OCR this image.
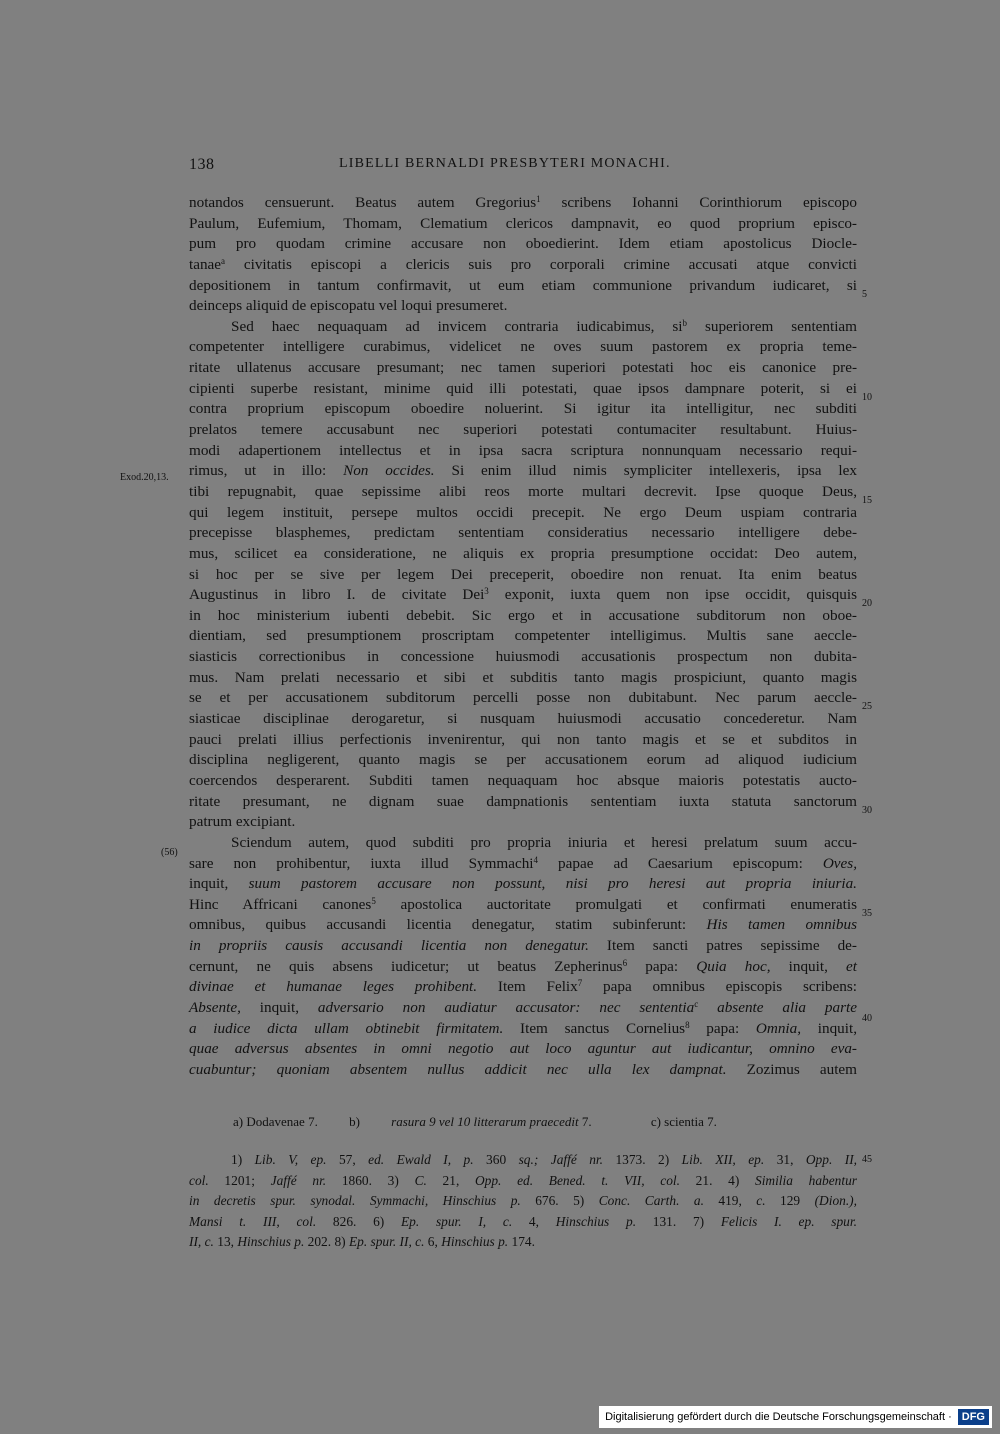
138	LIBELLI BERNALDI PRESBYTERI MONACHI.
notandos censuerunt. Beatus autem Gregorius$^1$ scribens Iohanni Corinthiorum episcopo
Paulum, Eufemium, Thomam, Clematium clericos dampnavit, eo quod proprium episco-
pum pro quodam crimine accusare non oboedierint. Idem etiam apostolicus Diocle-
tanae$^a$ civitatis episcopi a clericis suis pro corporali crimine accusati atque convicti
depositionem in tantum confirmavit, ut eum etiam communione privandum iudicaret, si
deinceps aliquid de episcopatu vel loqui presumeret.
Sed haec nequaquam ad invicem contraria iudicabimus, $si^b$ superiorem sententiam
competenter intelligere curabimus, videlicet ne oves suum pastorem ex propria teme-
ritate ullatenus accusare presumant; nec tamen superiori potestati hoc eis canonice pre-
cipienti superbe resistant, minime quid illi potestati, quae ipsos dampnare poterit, si ei
contra proprium episcopum oboedire noluerint. Si igitur ita intelligitur, nec subditi
prelatos temere accusabunt nec superiori potestati contumaciter resultabunt. Huius-
modi adapertionem intellectus et in ipsa sacra scriptura nonnunquam necessario requi-
rimus, ut in illo: Non occides. Si enim illud nimis sympliciter intellexeris, ipsa lex
tibi repugnabit, quae sepissime alibi reos morte multari decrevit. Ipse quoque Deus,
qui legem instituit, persepe multos occidi precepit. Ne ergo Deum uspiam contraria
precepisse blasphemes, predictam sententiam consideratius necessario intelligere debe-
mus, scilicet ea consideratione, ne aliquis ex propria presumptione occidat: Deo autem,
si hoc per se sive per legem Dei preceperit, oboedire non renuat. Ita enim beatus
Augustinus in libro I. de civitate Dei$^3$ exponit, iuxta quem non ipse occidit, quisquis
in hoc ministerium iubenti debebit. Sic ergo et in accusatione subditorum non oboe-
dientiam, sed presumptionem proscriptam competenter intelligimus. Multis sane aeccle-
siasticis correctionibus in concessione huiusmodi accusationis prospectum non dubita-
mus. Nam prelati necessario et sibi et subditis tanto magis prospiciunt, quanto magis
se et per accusationem subditorum percelli posse non dubitabunt. Nec parum aeccle-
siasticae disciplinae derogaretur, si nusquam huiusmodi accusatio concederetur. Nam
pauci prelati illius perfectionis invenirentur, qui non tanto magis et se et subditos in
disciplina negligerent, quanto magis se per accusationem eorum ad aliquod iudicium
coercendos desperarent. Subditi tamen nequaquam hoc absque maioris potestatis aucto-
ritate presumant, ne dignam suae dampnationis sententiam iuxta statuta sanctorum
patrum excipiant.
Sciendum autem, quod subditi pro propria iniuria et heresi prelatum suum accu-
sare non prohibentur, iuxta illud Symmachi$^4$ papae ad Caesarium episcopum: Oves,
inquit, suum pastorem accusare non possunt, nisi pro heresi aut propria iniuria.
Hinc Affricani canones$^5$ apostolica auctoritate promulgati et confirmati enumeratis
omnibus, quibus accusandi licentia denegatur, statim subinferunt: His tamen omnibus
in propriis causis accusandi licentia non denegatur. Item sancti patres sepissime de-
cernunt, ne quis absens iudicetur; ut beatus Zepherinus$^6$ papa: Quia hoc, inquit, et
divinae et humanae leges prohibent. Item Felix$^7$ papa omnibus episcopis scribens:
Absente, inquit, adversario non audiatur accusator: nec sententia$^c$ absente alia parte
a iudice dicta ullam obtinebit firmitatem. Item sanctus Cornelius$^8$ papa: Omnia, inquit,
quae adversus absentes in omni negotio aut loco aguntur aut iudicantur, omnino eva-
cuabuntur; quoniam absentem nullus addicit nec ulla lex dampnat. Zozimus autem
5
10
15
20
25
30
35
40
45
Exod.20,13.
(56)
a) Dodavenae 7. b) rasura 9 vel 10 litterarum praecedit 7.	c) scientia 7.
1) Lib. V, ep. 57, ed. Ewald I, p. 360 sq.; Jaffé nr. 1373. 2) Lib. XII, ep. 31, Opp. II,
col. 1201; Jaffé nr. 1860. 3) C. 21, Opp. ed. Bened. t. VII, col. 21. 4) Similia habentur
in decretis spur. synodal. Symmachi, Hinschius p. 676. 5) Conc. Carth. a. 419, c. 129 (Dion.),
Mansi t. III, col. 826. 6) Ep. spur. I, c. 4, Hinschius p. 131. 7) Felicis I. ep. spur.
II, c. 13, Hinschius p. 202. 8) Ep. spur. II, c. 6, Hinschius p. 174.
Digitalisierung gefördert durch die Deutsche Forschungsgemeinschaft · DFG
